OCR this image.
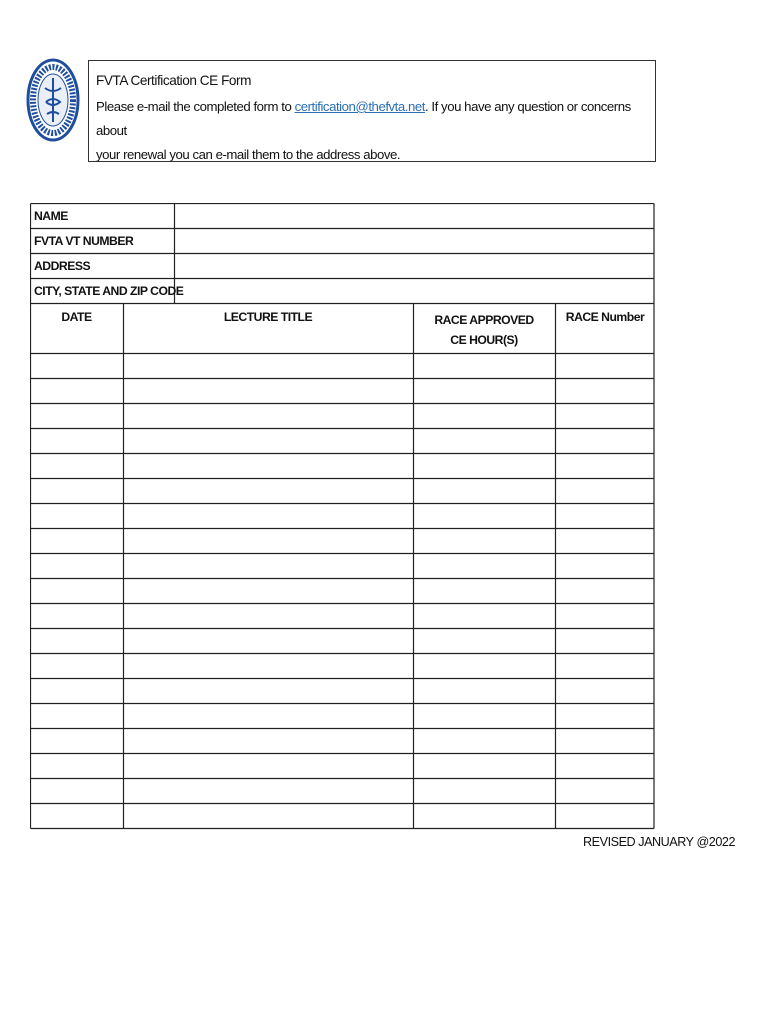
FVTA Certification CE Form
Please e-mail the completed form to certification@thefvta.net. If you have any question or concerns about
your renewal you can e-mail them to the address above.
NAME
FVTA VT NUMBER
ADDRESS
CITY, STATE AND ZIP CODE
DATE	LECTURE TITLE	RACE APPROVED
CE HOUR(S)
RACE Number
REVISED JANUARY @2022
